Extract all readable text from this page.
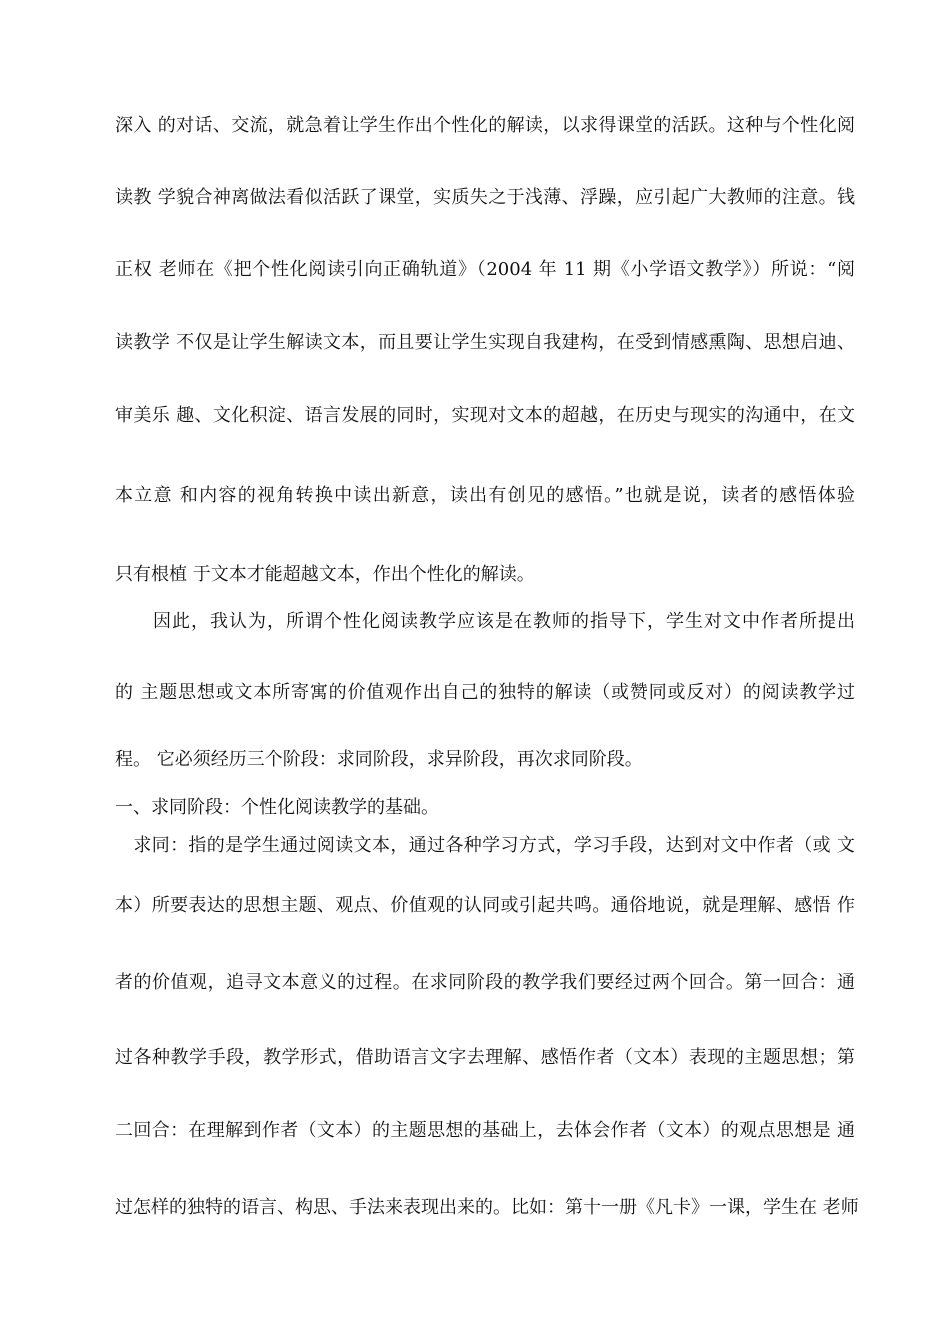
深入 的对话、交流，就急着让学生作出个性化的解读，以求得课堂的活跃。这种与个性化阅
读教 学貌合神离做法看似活跃了课堂，实质失之于浅薄、浮躁，应引起广大教师的注意。钱
正权 老师在《把个性化阅读引向正确轨道》（2004 年 11 期《小学语文教学》）所说：“阅
读教学 不仅是让学生解读文本，而且要让学生实现自我建构，在受到情感熏陶、思想启迪、
审美乐 趣、文化积淀、语言发展的同时，实现对文本的超越，在历史与现实的沟通中，在文
本立意 和内容的视角转换中读出新意，读出有创见的感悟。”也就是说，读者的感悟体验
只有根植 于文本才能超越文本，作出个性化的解读。
　　因此，我认为，所谓个性化阅读教学应该是在教师的指导下，学生对文中作者所提出
的 主题思想或文本所寄寓的价值观作出自己的独特的解读（或赞同或反对）的阅读教学过
程。 它必须经历三个阶段：求同阶段，求异阶段，再次求同阶段。
一、求同阶段：个性化阅读教学的基础。
　求同：指的是学生通过阅读文本，通过各种学习方式，学习手段，达到对文中作者（或 文
本）所要表达的思想主题、观点、价值观的认同或引起共鸣。通俗地说，就是理解、感悟 作
者的价值观，追寻文本意义的过程。在求同阶段的教学我们要经过两个回合。第一回合：通
过各种教学手段，教学形式，借助语言文字去理解、感悟作者（文本）表现的主题思想；第
二回合：在理解到作者（文本）的主题思想的基础上，去体会作者（文本）的观点思想是 通
过怎样的独特的语言、构思、手法来表现出来的。比如：第十一册《凡卡》一课，学生在 老师
